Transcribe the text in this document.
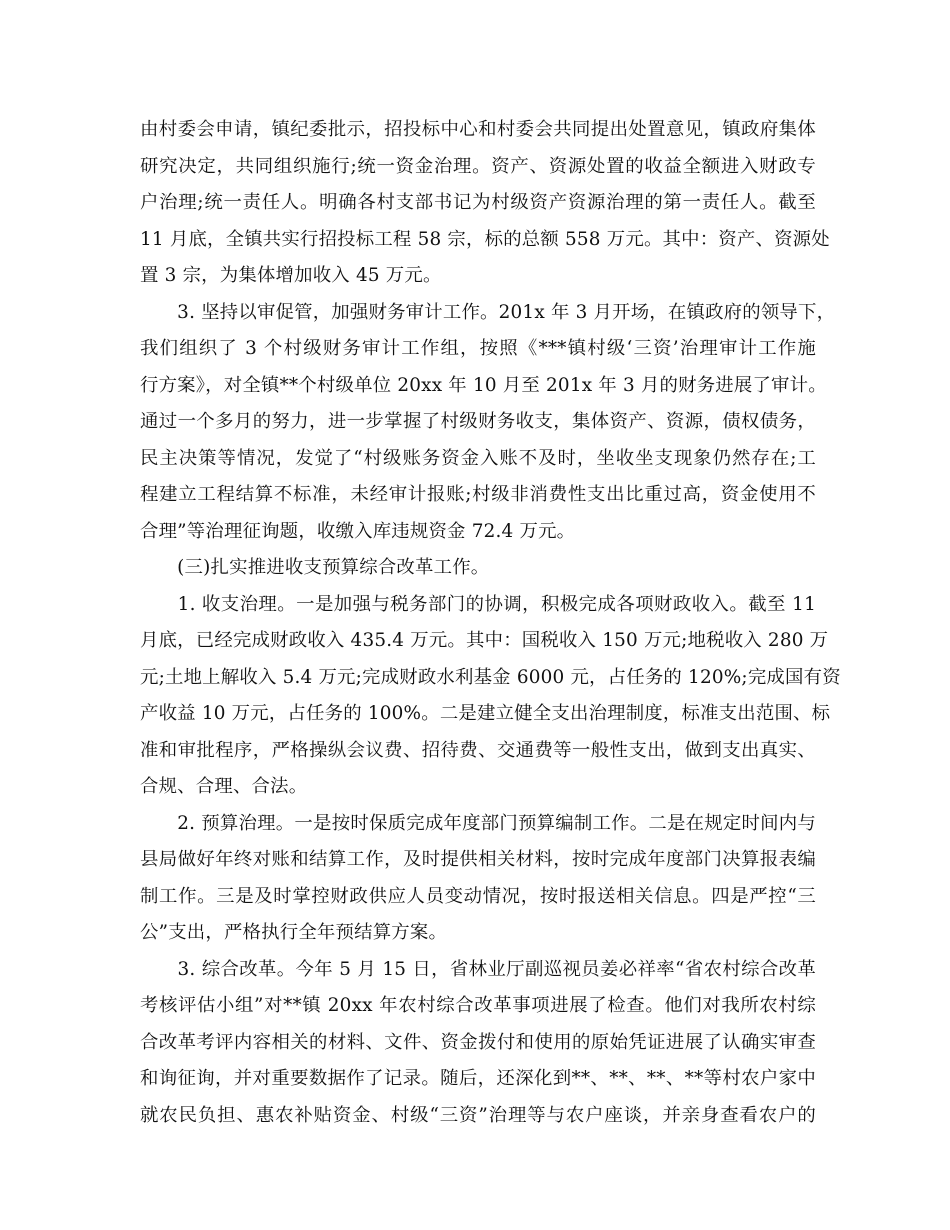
由村委会申请，镇纪委批示，招投标中心和村委会共同提出处置意见，镇政府集体
研究决定，共同组织施行;统一资金治理。资产、资源处置的收益全额进入财政专
户治理;统一责任人。明确各村支部书记为村级资产资源治理的第一责任人。截至
11 月底，全镇共实行招投标工程 58 宗，标的总额 558 万元。其中：资产、资源处
置 3 宗，为集体增加收入 45 万元。
　　3. 坚持以审促管，加强财务审计工作。201x 年 3 月开场，在镇政府的领导下，
我们组织了 3 个村级财务审计工作组，按照《***镇村级‘三资’治理审计工作施
行方案》，对全镇**个村级单位 20xx 年 10 月至 201x 年 3 月的财务进展了审计。
通过一个多月的努力，进一步掌握了村级财务收支，集体资产、资源，债权债务，
民主决策等情况，发觉了“村级账务资金入账不及时，坐收坐支现象仍然存在;工
程建立工程结算不标准，未经审计报账;村级非消费性支出比重过高，资金使用不
合理”等治理征询题，收缴入库违规资金 72.4 万元。
　　(三)扎实推进收支预算综合改革工作。
　　1. 收支治理。一是加强与税务部门的协调，积极完成各项财政收入。截至 11
月底，已经完成财政收入 435.4 万元。其中：国税收入 150 万元;地税收入 280 万
元;土地上解收入 5.4 万元;完成财政水利基金 6000 元，占任务的 120%;完成国有资
产收益 10 万元，占任务的 100%。二是建立健全支出治理制度，标准支出范围、标
准和审批程序，严格操纵会议费、招待费、交通费等一般性支出，做到支出真实、
合规、合理、合法。
　　2. 预算治理。一是按时保质完成年度部门预算编制工作。二是在规定时间内与
县局做好年终对账和结算工作，及时提供相关材料，按时完成年度部门决算报表编
制工作。三是及时掌控财政供应人员变动情况，按时报送相关信息。四是严控“三
公”支出，严格执行全年预结算方案。
　　3. 综合改革。今年 5 月 15 日，省林业厅副巡视员姜必祥率“省农村综合改革
考核评估小组”对**镇 20xx 年农村综合改革事项进展了检查。他们对我所农村综
合改革考评内容相关的材料、文件、资金拨付和使用的原始凭证进展了认确实审查
和询征询，并对重要数据作了记录。随后，还深化到**、**、**、**等村农户家中
就农民负担、惠农补贴资金、村级“三资”治理等与农户座谈，并亲身查看农户的
